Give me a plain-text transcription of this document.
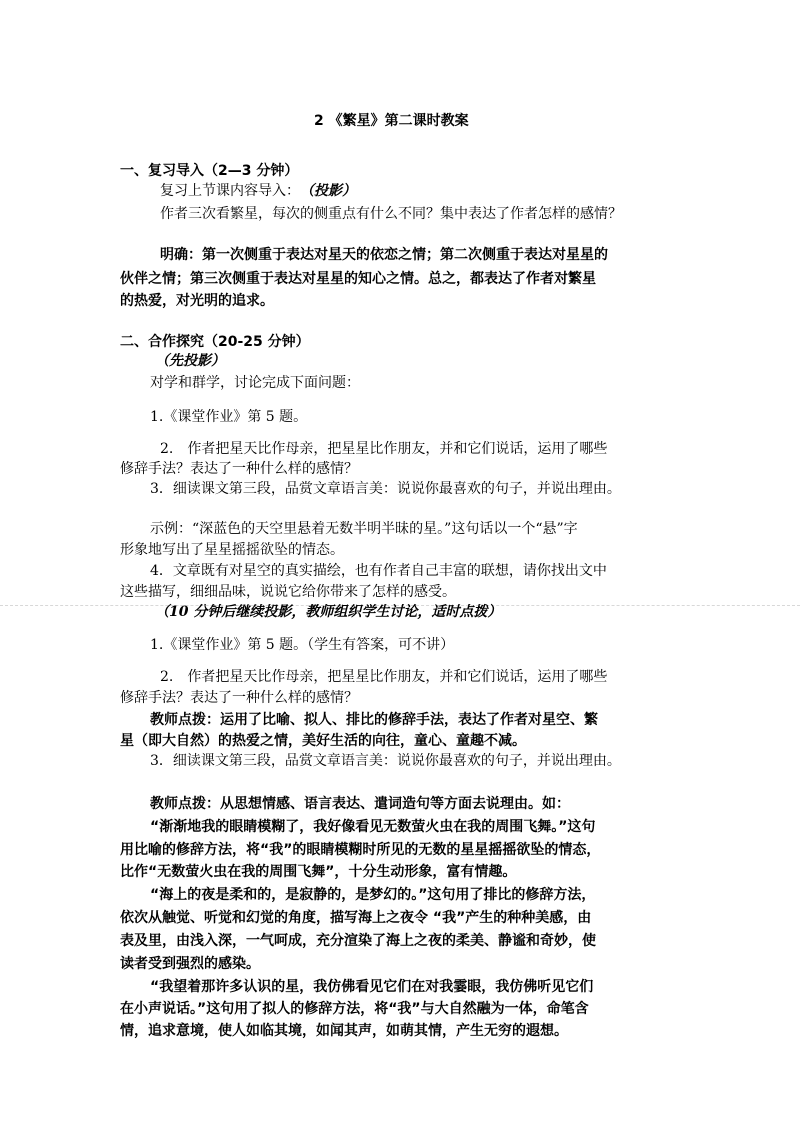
2 《繁星》第二课时教案
一、复习导入（2—3 分钟）
复习上节课内容导入：（投影）
作者三次看繁星，每次的侧重点有什么不同？集中表达了作者怎样的感情？
明确：第一次侧重于表达对星天的依恋之情；第二次侧重于表达对星星的
伙伴之情；第三次侧重于表达对星星的知心之情。总之，都表达了作者对繁星
的热爱，对光明的追求。
二、合作探究（20-25 分钟）
（先投影）
对学和群学，讨论完成下面问题：
1.《课堂作业》第 5 题。
2.　作者把星天比作母亲，把星星比作朋友，并和它们说话，运用了哪些
修辞手法？表达了一种什么样的感情？
3．细读课文第三段，品赏文章语言美：说说你最喜欢的句子，并说出理由。
示例：“深蓝色的天空里悬着无数半明半昧的星。”这句话以一个“悬”字
形象地写出了星星摇摇欲坠的情态。
4．文章既有对星空的真实描绘，也有作者自己丰富的联想，请你找出文中
这些描写，细细品味，说说它给你带来了怎样的感受。
（10 分钟后继续投影，教师组织学生讨论，适时点拨）
1.《课堂作业》第 5 题。（学生有答案，可不讲）
2.　作者把星天比作母亲，把星星比作朋友，并和它们说话，运用了哪些
修辞手法？表达了一种什么样的感情？
教师点拨：运用了比喻、拟人、排比的修辞手法，表达了作者对星空、繁
星（即大自然）的热爱之情，美好生活的向往，童心、童趣不减。
3．细读课文第三段，品赏文章语言美：说说你最喜欢的句子，并说出理由。
教师点拨：从思想情感、语言表达、遣词造句等方面去说理由。如：
“渐渐地我的眼睛模糊了，我好像看见无数萤火虫在我的周围飞舞。”这句
用比喻的修辞方法，将“我”的眼睛模糊时所见的无数的星星摇摇欲坠的情态，
比作“无数萤火虫在我的周围飞舞”，十分生动形象，富有情趣。
“海上的夜是柔和的，是寂静的，是梦幻的。”这句用了排比的修辞方法，
依次从触觉、听觉和幻觉的角度，描写海上之夜令 “我”产生的种种美感，由
表及里，由浅入深，一气呵成，充分渲染了海上之夜的柔美、静谧和奇妙，使
读者受到强烈的感染。
“我望着那许多认识的星，我仿佛看见它们在对我霎眼，我仿佛听见它们
在小声说话。”这句用了拟人的修辞方法，将“我”与大自然融为一体，命笔含
情，追求意境，使人如临其境，如闻其声，如萌其情，产生无穷的遐想。
